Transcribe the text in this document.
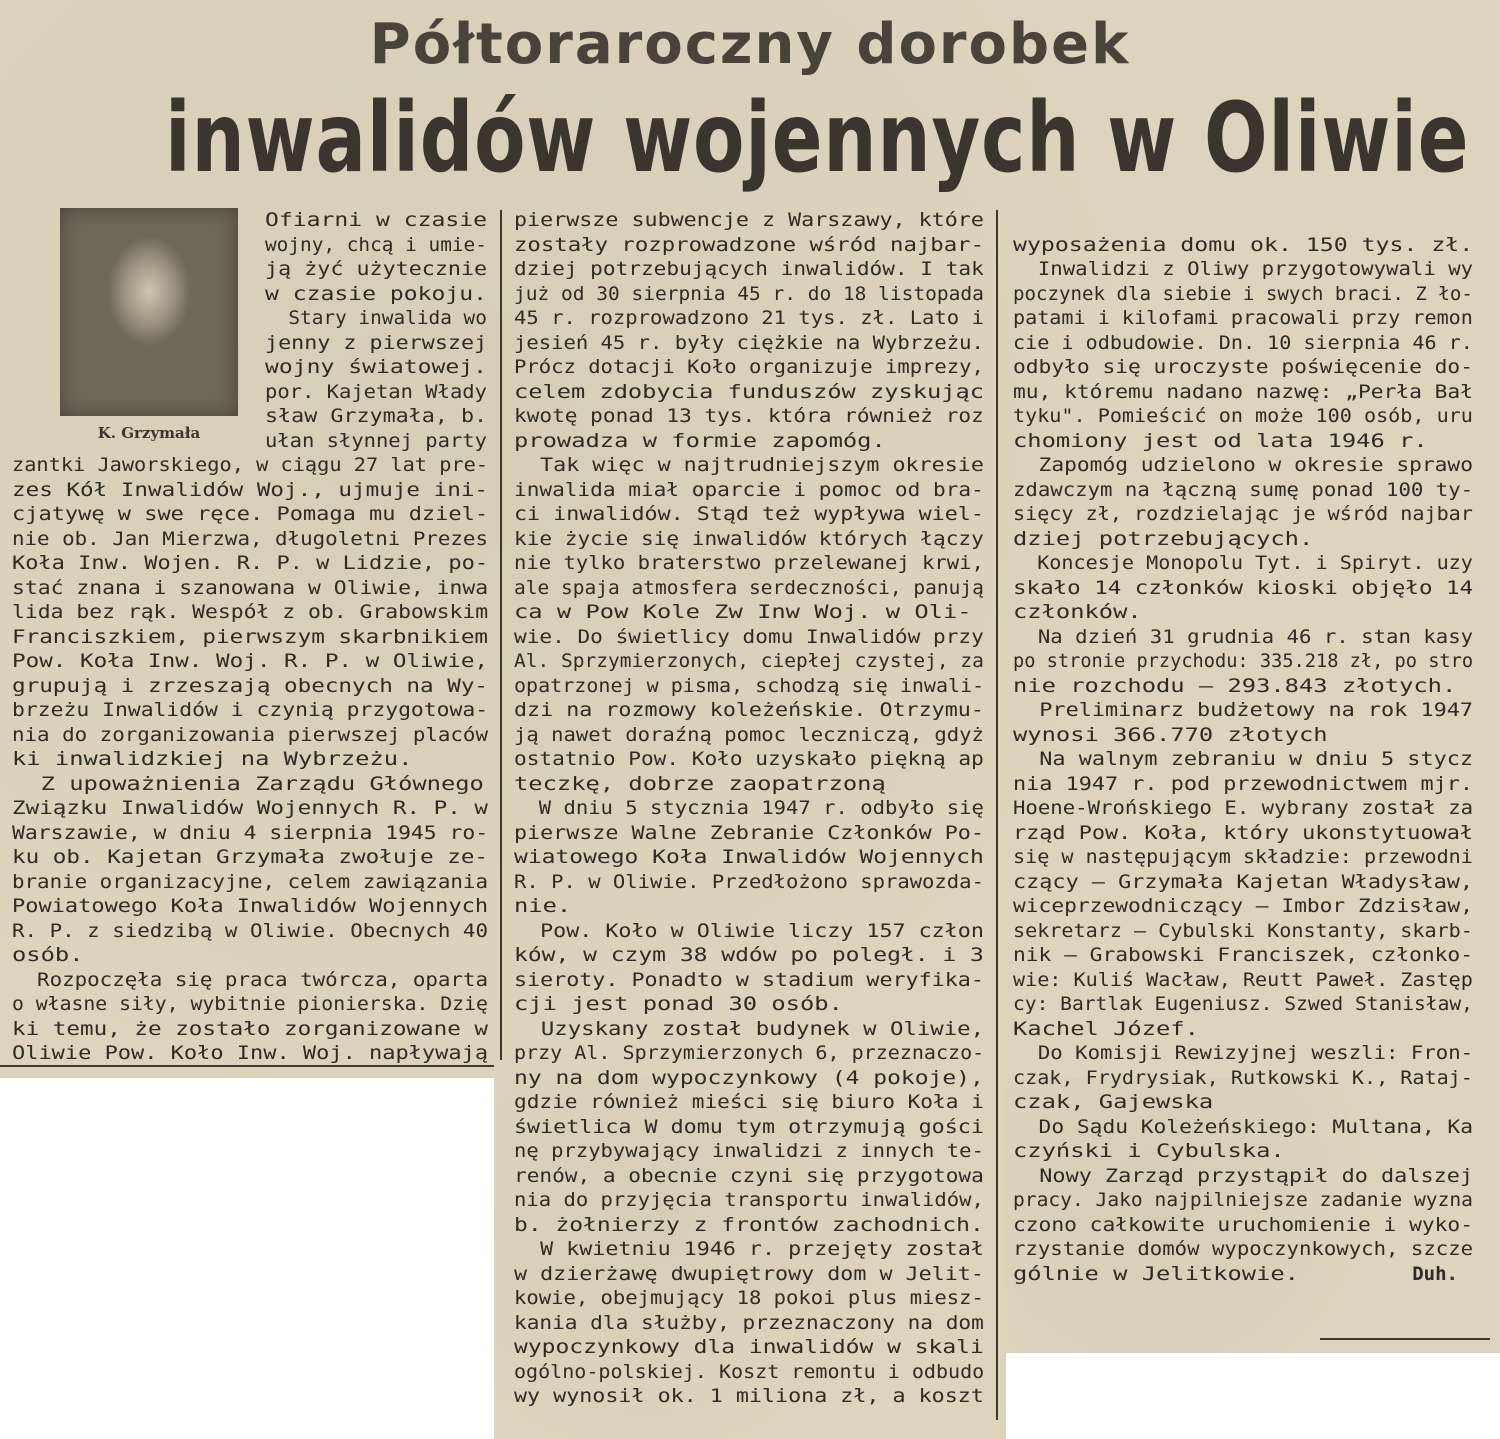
Półtoraroczny dorobek
inwalidów wojennych w Oliwie
K. Grzymała
Ofiarni w czasie
wojny, chcą i umie-
ją żyć użytecznie
w czasie pokoju.
Stary inwalida wo
jenny z pierwszej
wojny światowej.
por. Kajetan Włady
sław Grzymała, b.
ułan słynnej party
zantki Jaworskiego, w ciągu 27 lat pre-
zes Kół Inwalidów Woj., ujmuje ini-
cjatywę w swe ręce. Pomaga mu dziel-
nie ob. Jan Mierzwa, długoletni Prezes
Koła Inw. Wojen. R. P. w Lidzie, po-
stać znana i szanowana w Oliwie, inwa
lida bez rąk. Wespół z ob. Grabowskim
Franciszkiem, pierwszym skarbnikiem
Pow. Koła Inw. Woj. R. P. w Oliwie,
grupują i zrzeszają obecnych na Wy-
brzeżu Inwalidów i czynią przygotowa-
nia do zorganizowania pierwszej placów
ki inwalidzkiej na Wybrzeżu.
Z upoważnienia Zarządu Głównego
Związku Inwalidów Wojennych R. P. w
Warszawie, w dniu 4 sierpnia 1945 ro-
ku ob. Kajetan Grzymała zwołuje ze-
branie organizacyjne, celem zawiązania
Powiatowego Koła Inwalidów Wojennych
R. P. z siedzibą w Oliwie. Obecnych 40
osób.
Rozpoczęła się praca twórcza, oparta
o własne siły, wybitnie pionierska. Dzię
ki temu, że zostało zorganizowane w
Oliwie Pow. Koło Inw. Woj. napływają
pierwsze subwencje z Warszawy, które
zostały rozprowadzone wśród najbar-
dziej potrzebujących inwalidów. I tak
już od 30 sierpnia 45 r. do 18 listopada
45 r. rozprowadzono 21 tys. zł. Lato i
jesień 45 r. były ciężkie na Wybrzeżu.
Prócz dotacji Koło organizuje imprezy,
celem zdobycia funduszów zyskując
kwotę ponad 13 tys. która również roz
prowadza w formie zapomóg.
Tak więc w najtrudniejszym okresie
inwalida miał oparcie i pomoc od bra-
ci inwalidów. Stąd też wypływa wiel-
kie życie się inwalidów których łączy
nie tylko braterstwo przelewanej krwi,
ale spaja atmosfera serdeczności, panują
ca w Pow Kole Zw Inw Woj. w Oli-
wie. Do świetlicy domu Inwalidów przy
Al. Sprzymierzonych, ciepłej czystej, za
opatrzonej w pisma, schodzą się inwali-
dzi na rozmowy koleżeńskie. Otrzymu-
ją nawet doraźną pomoc leczniczą, gdyż
ostatnio Pow. Koło uzyskało piękną ap
teczkę, dobrze zaopatrzoną
W dniu 5 stycznia 1947 r. odbyło się
pierwsze Walne Zebranie Członków Po-
wiatowego Koła Inwalidów Wojennych
R. P. w Oliwie. Przedłożono sprawozda-
nie.
Pow. Koło w Oliwie liczy 157 człon
ków, w czym 38 wdów po poległ. i 3
sieroty. Ponadto w stadium weryfika-
cji jest ponad 30 osób.
Uzyskany został budynek w Oliwie,
przy Al. Sprzymierzonych 6, przeznaczo-
ny na dom wypoczynkowy (4 pokoje),
gdzie również mieści się biuro Koła i
świetlica W domu tym otrzymują gości
nę przybywający inwalidzi z innych te-
renów, a obecnie czyni się przygotowa
nia do przyjęcia transportu inwalidów,
b. żołnierzy z frontów zachodnich.
W kwietniu 1946 r. przejęty został
w dzierżawę dwupiętrowy dom w Jelit-
kowie, obejmujący 18 pokoi plus miesz-
kania dla służby, przeznaczony na dom
wypoczynkowy dla inwalidów w skali
ogólno-polskiej. Koszt remontu i odbudo
wy wynosił ok. 1 miliona zł, a koszt

wyposażenia domu ok. 150 tys. zł.
Inwalidzi z Oliwy przygotowywali wy
poczynek dla siebie i swych braci. Z ło-
patami i kilofami pracowali przy remon
cie i odbudowie. Dn. 10 sierpnia 46 r.
odbyło się uroczyste poświęcenie do-
mu, któremu nadano nazwę: „Perła Bał
tyku". Pomieścić on może 100 osób, uru
chomiony jest od lata 1946 r.
Zapomóg udzielono w okresie sprawo
zdawczym na łączną sumę ponad 100 ty-
sięcy zł, rozdzielając je wśród najbar
dziej potrzebujących.
Koncesje Monopolu Tyt. i Spiryt. uzy
skało 14 członków kioski objęło 14
członków.
Na dzień 31 grudnia 46 r. stan kasy
po stronie przychodu: 335.218 zł, po stro
nie rozchodu — 293.843 złotych.
Preliminarz budżetowy na rok 1947
wynosi 366.770 złotych
Na walnym zebraniu w dniu 5 stycz
nia 1947 r. pod przewodnictwem mjr.
Hoene-Wrońskiego E. wybrany został za
rząd Pow. Koła, który ukonstytuował
się w następującym składzie: przewodni
czący — Grzymała Kajetan Władysław,
wiceprzewodniczący — Imbor Zdzisław,
sekretarz — Cybulski Konstanty, skarb-
nik — Grabowski Franciszek, członko-
wie: Kuliś Wacław, Reutt Paweł. Zastęp
cy: Bartlak Eugeniusz. Szwed Stanisław,
Kachel Józef.
Do Komisji Rewizyjnej weszli: Fron-
czak, Frydrysiak, Rutkowski K., Rataj-
czak, Gajewska
Do Sądu Koleżeńskiego: Multana, Ka
czyński i Cybulska.
Nowy Zarząd przystąpił do dalszej
pracy. Jako najpilniejsze zadanie wyzna
czono całkowite uruchomienie i wyko-
rzystanie domów wypoczynkowych, szcze
gólnie w Jelitkowie.	Duh.
